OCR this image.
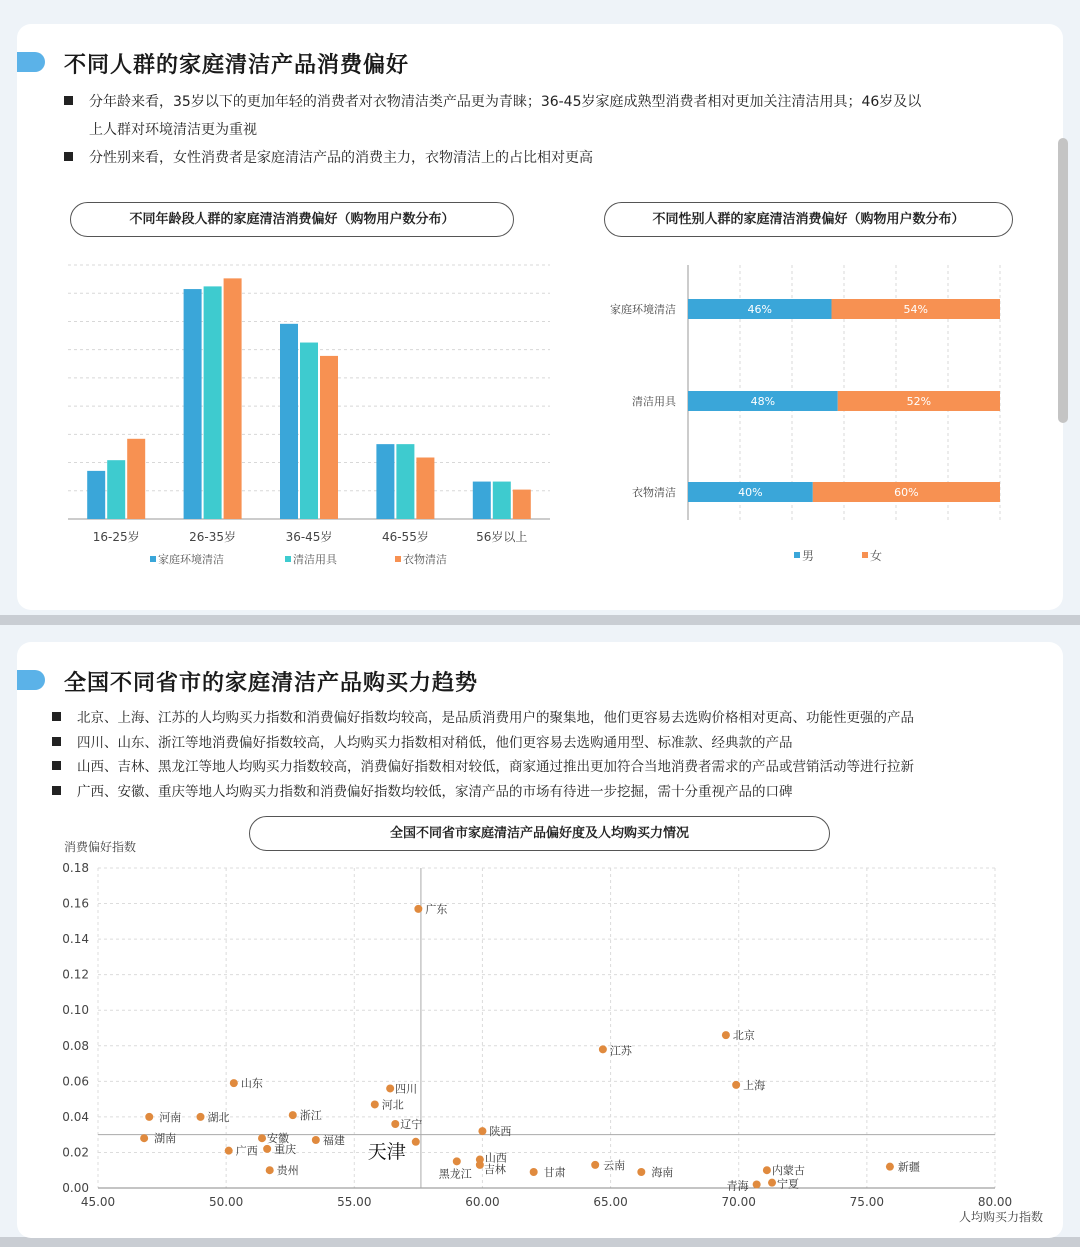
不同人群的家庭清洁产品消费偏好
分年龄来看，35岁以下的更加年轻的消费者对衣物清洁类产品更为青睐；36-45岁家庭成熟型消费者相对更加关注清洁用具；46岁及以
上人群对环境清洁更为重视
分性别来看，女性消费者是家庭清洁产品的消费主力，衣物清洁上的占比相对更高
不同年龄段人群的家庭清洁消费偏好（购物用户数分布）	不同性别人群的家庭清洁消费偏好（购物用户数分布）
16-25岁	26-35岁	36-45岁	46-55岁	56岁以上
家庭环境清洁	清洁用具	衣物清洁
46%	54%
家庭环境清洁
48%	52%
清洁用具
40%	60%
衣物清洁
男	女
全国不同省市的家庭清洁产品购买力趋势
北京、上海、江苏的人均购买力指数和消费偏好指数均较高，是品质消费用户的聚集地，他们更容易去选购价格相对更高、功能性更强的产品
四川、山东、浙江等地消费偏好指数较高，人均购买力指数相对稍低，他们更容易去选购通用型、标准款、经典款的产品
山西、吉林、黑龙江等地人均购买力指数较高，消费偏好指数相对较低，商家通过推出更加符合当地消费者需求的产品或营销活动等进行拉新
广西、安徽、重庆等地人均购买力指数和消费偏好指数均较低，家清产品的市场有待进一步挖掘，需十分重视产品的口碑
全国不同省市家庭清洁产品偏好度及人均购买力情况
0.00
0.02
0.04
0.06
0.08
0.10
0.12
0.14
0.16
0.18
45.00	50.00	55.00	60.00	65.00	70.00	75.00	80.00
消费偏好指数
人均购买力指数
广东
北京
江苏
山东	上海
四川
河北
浙江
河南 湖北
辽宁
陕西
湖南	安徽	福建
重庆
广西
山西
黑龙江 吉林	新疆
云南
贵州	甘肃	海南	内蒙古
宁夏
青海
天津
